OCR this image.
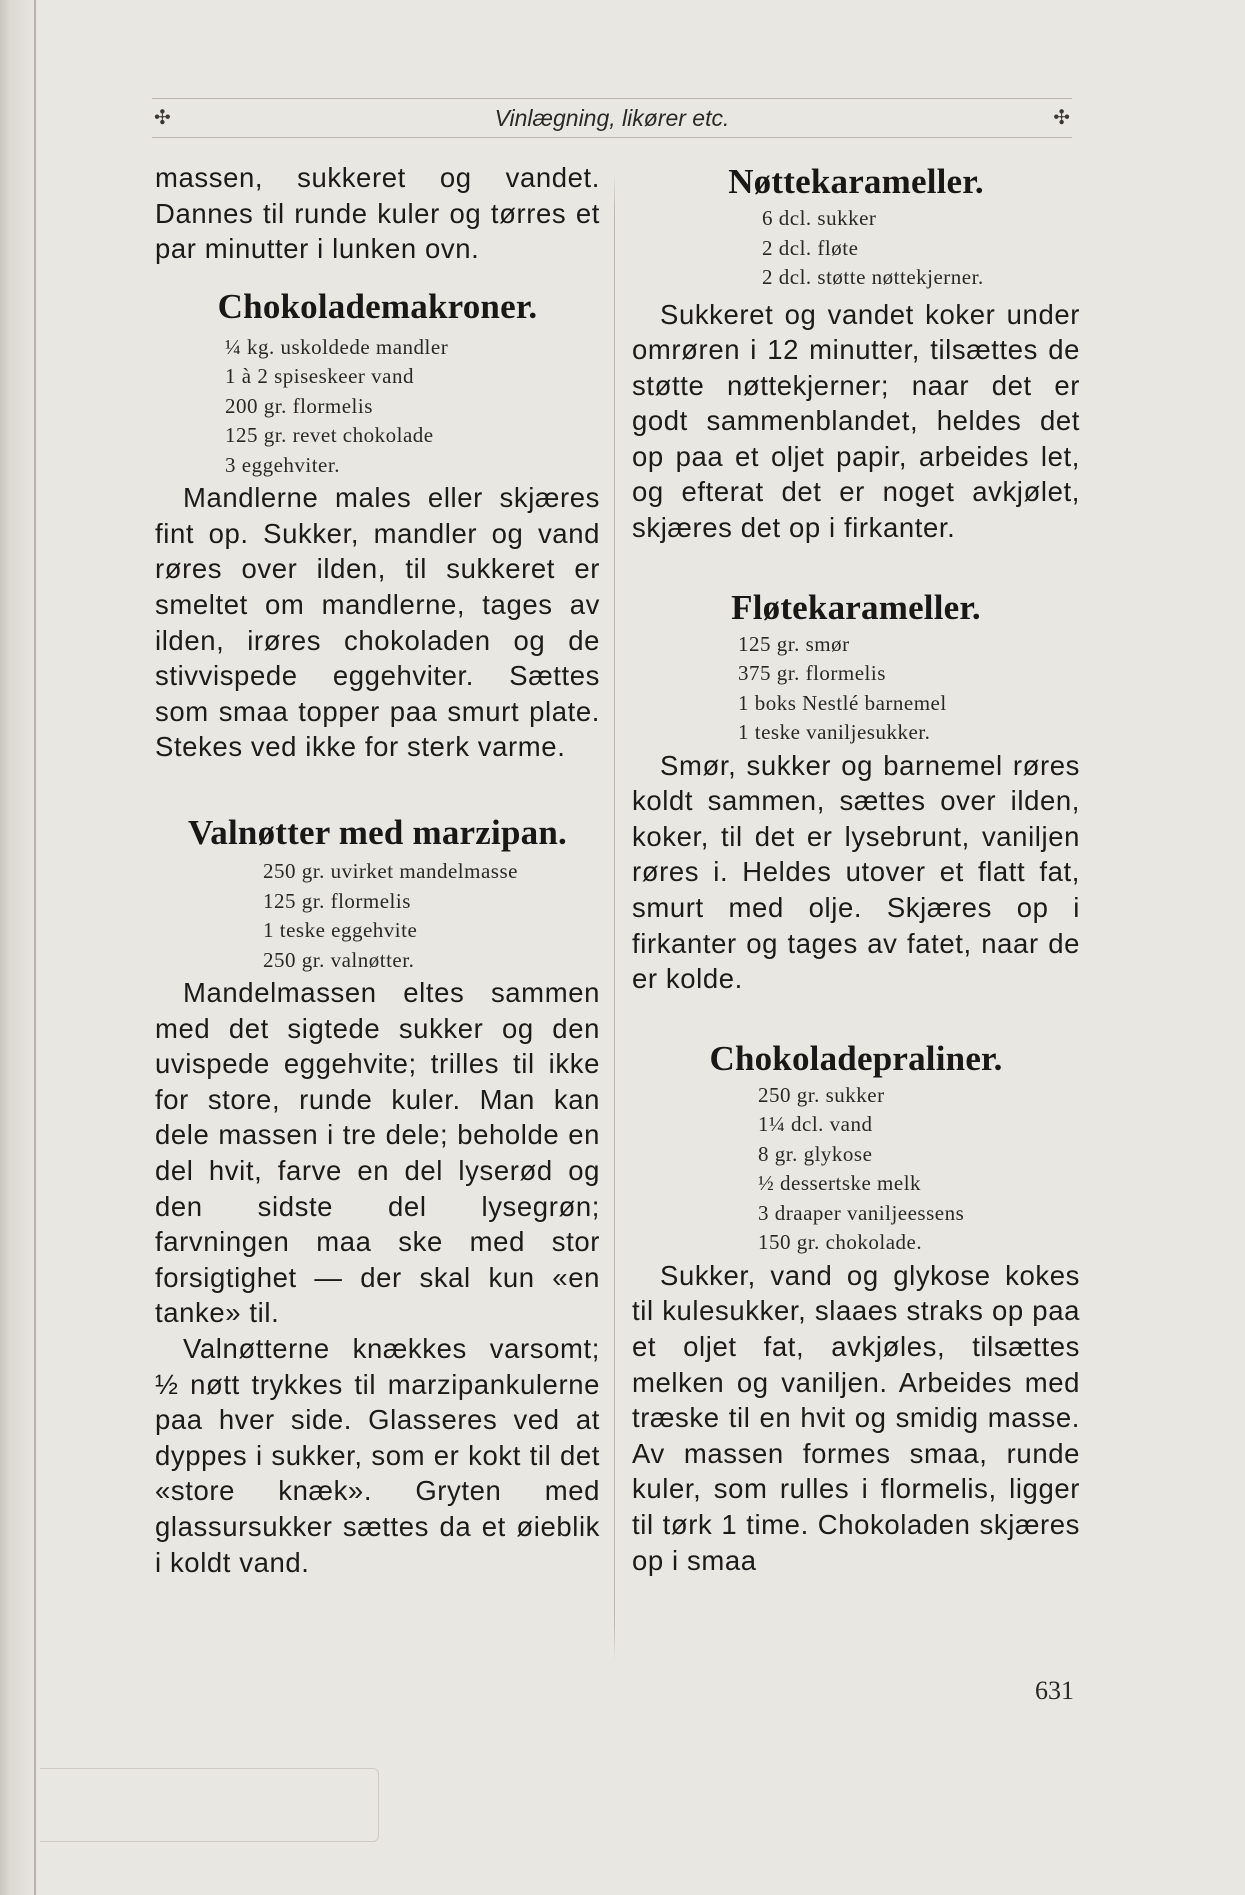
✣	Vinlægning, likører etc.	✣

massen, sukkeret og vandet. Dannes til runde kuler og tørres et par minutter i lunken ovn.

Chokolademakroner.
¼ kg. uskoldede mandler
1 à 2 spiseskeer vand
200 gr. flormelis
125 gr. revet chokolade
3 eggehviter.

Mandlerne males eller skjæres fint op. Sukker, mandler og vand røres over ilden, til sukkeret er smeltet om mandlerne, tages av ilden, irøres chokoladen og de stivvispede eggehviter. Sættes som smaa topper paa smurt plate. Stekes ved ikke for sterk varme.

Valnøtter med marzipan.
250 gr. uvirket mandelmasse
125 gr. flormelis
1 teske eggehvite
250 gr. valnøtter.

Mandelmassen eltes sammen med det sigtede sukker og den uvispede eggehvite; trilles til ikke for store, runde kuler. Man kan dele massen i tre dele; beholde en del hvit, farve en del lyserød og den sidste del lysegrøn; farvningen maa ske med stor forsigtighet — der skal kun «en tanke» til.

Valnøtterne knækkes varsomt; ½ nøtt trykkes til marzipankulerne paa hver side. Glasseres ved at dyppes i sukker, som er kokt til det «store knæk». Gryten med glassursukker sættes da et øieblik i koldt vand.

Nøttekarameller.
6 dcl. sukker
2 dcl. fløte
2 dcl. støtte nøttekjerner.

Sukkeret og vandet koker under omrøren i 12 minutter, tilsættes de støtte nøttekjerner; naar det er godt sammenblandet, heldes det op paa et oljet papir, arbeides let, og efterat det er noget avkjølet, skjæres det op i firkanter.

Fløtekarameller.
125 gr. smør
375 gr. flormelis
1 boks Nestlé barnemel
1 teske vaniljesukker.

Smør, sukker og barnemel røres koldt sammen, sættes over ilden, koker, til det er lysebrunt, vaniljen røres i. Heldes utover et flatt fat, smurt med olje. Skjæres op i firkanter og tages av fatet, naar de er kolde.

Chokoladepraliner.
250 gr. sukker
1¼ dcl. vand
8 gr. glykose
½ dessertske melk
3 draaper vaniljeessens
150 gr. chokolade.

Sukker, vand og glykose kokes til kulesukker, slaaes straks op paa et oljet fat, avkjøles, tilsættes melken og vaniljen. Arbeides med træske til en hvit og smidig masse. Av massen formes smaa, runde kuler, som rulles i flormelis, ligger til tørk 1 time. Chokoladen skjæres op i smaa

631
